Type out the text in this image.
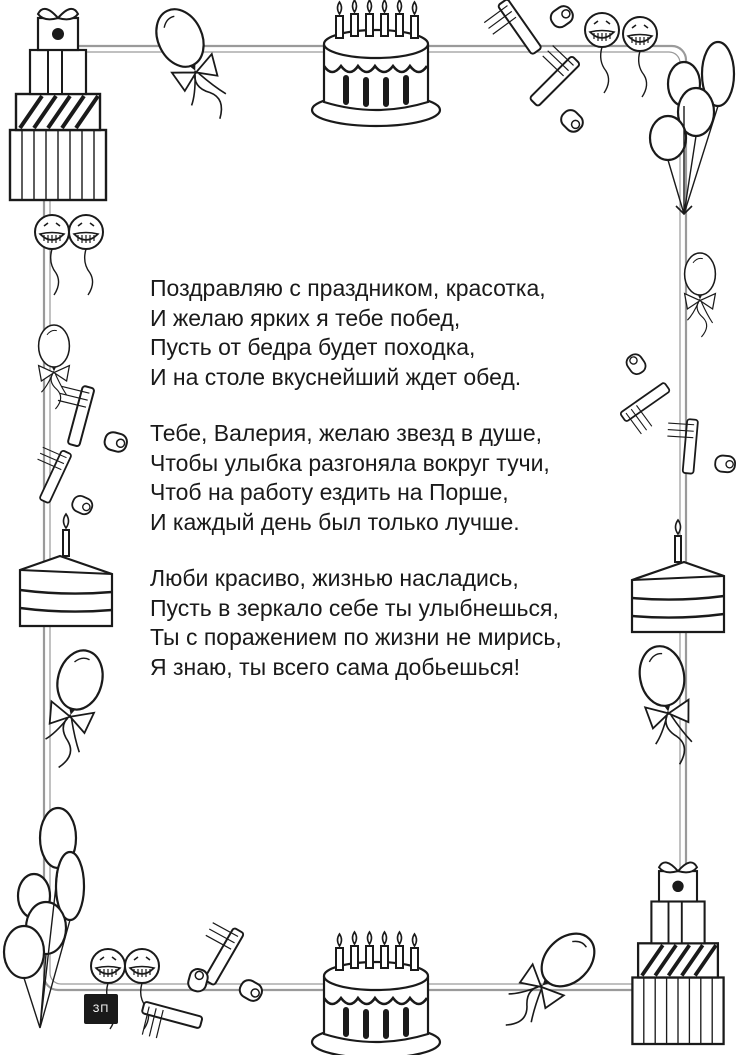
Поздравляю с праздником, красотка,
И желаю ярких я тебе побед,
Пусть от бедра будет походка,
И на столе вкуснейший ждет обед.
Тебе, Валерия, желаю звезд в душе,
Чтобы улыбка разгоняла вокруг тучи,
Чтоб на работу ездить на Порше,
И каждый день был только лучше.
Люби красиво, жизнью насладись,
Пусть в зеркало себе ты улыбнешься,
Ты с поражением по жизни не мирись,
Я знаю, ты всего сама добьешься!
ЗП
